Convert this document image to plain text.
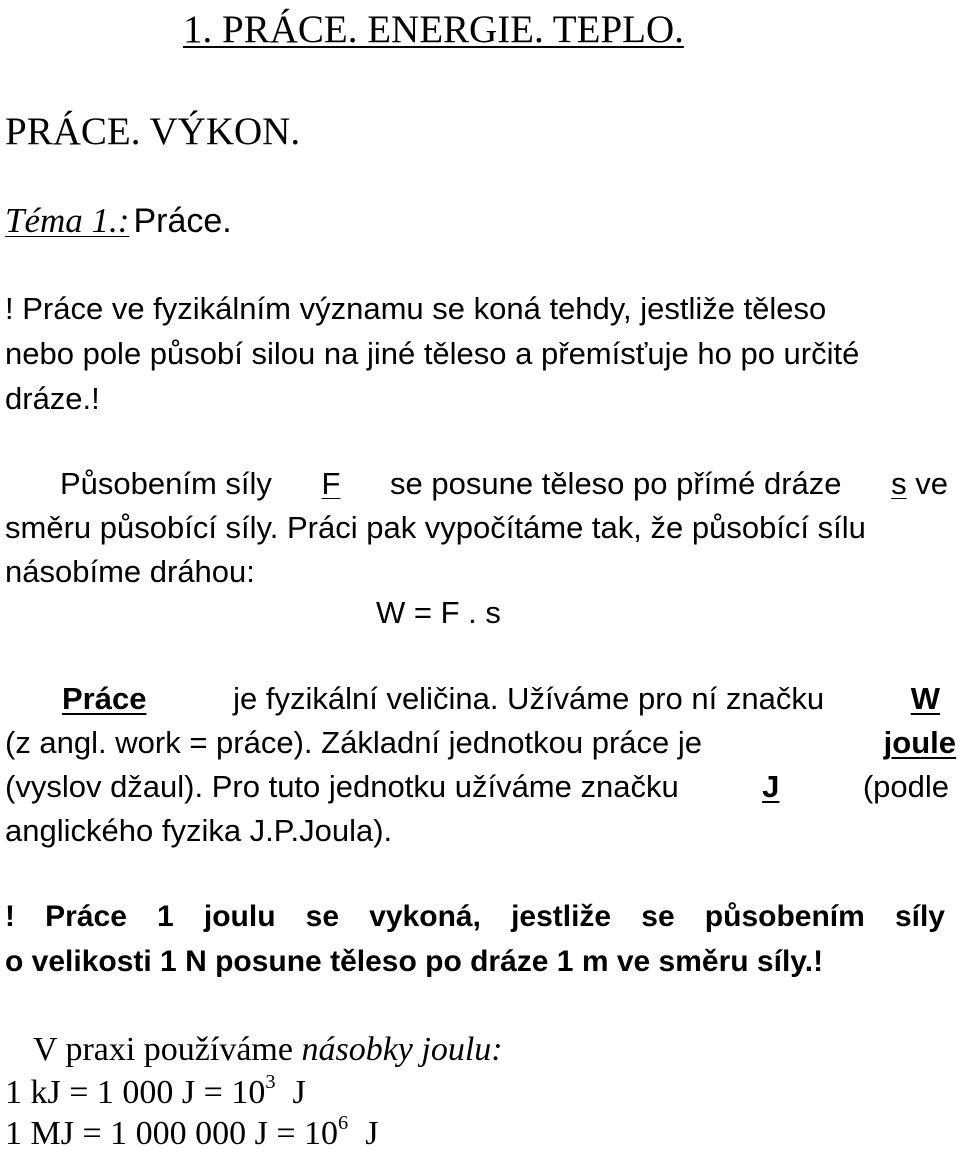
1. PRÁCE. ENERGIE. TEPLO.
PRÁCE. VÝKON.
Téma 1.: Práce.
! Práce ve fyzikálním významu se koná tehdy, jestliže těleso
nebo pole působí silou na jiné těleso a přemísťuje ho po určité
dráze.!
Působením síly F se posune těleso po přímé dráze s ve
směru působící síly. Práci pak vypočítáme tak, že působící sílu
násobíme dráhou:
W = F . s
Práce	je fyzikální veličina. Užíváme pro ní značku	W
(z angl. work = práce). Základní jednotkou práce je	joule
(vyslov džaul). Pro tuto jednotku užíváme značku	J	(podle
anglického fyzika J.P.Joula).
! Práce 1 joulu se vykoná, jestliže se působením síly
o velikosti 1 N posune těleso po dráze 1 m ve směru síly.!
V praxi používáme násobky joulu:
1 kJ = 1 000 $J = 10^3$ J
1 MJ = 1 000 000 $J = 10^6$ J
